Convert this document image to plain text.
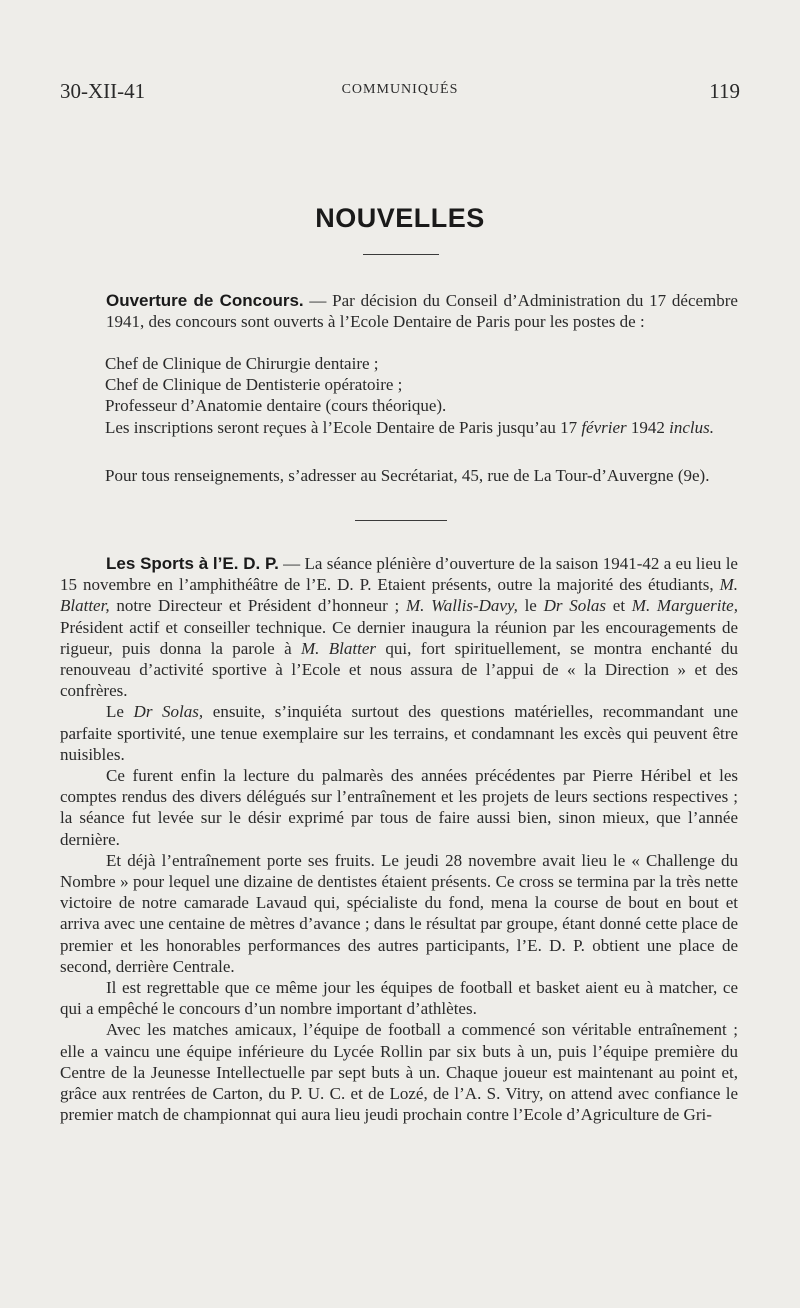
30-XII-41	COMMUNIQUÉS	119
NOUVELLES

Ouverture de Concours. — Par décision du Conseil d’Administration du 17 décembre 1941, des concours sont ouverts à l’Ecole Dentaire de Paris pour les postes de :

Chef de Clinique de Chirurgie dentaire ;

Chef de Clinique de Dentisterie opératoire ;

Professeur d’Anatomie dentaire (cours théorique).

Les inscriptions seront reçues à l’Ecole Dentaire de Paris jusqu’au 17 février 1942 inclus.

Pour tous renseignements, s’adresser au Secrétariat, 45, rue de La Tour-d’Auvergne (9e).

Les Sports à l’E. D. P. — La séance plénière d’ouverture de la saison 1941-42 a eu lieu le 15 novembre en l’amphithéâtre de l’E. D. P. Etaient présents, outre la majorité des étudiants, M. Blatter, notre Directeur et Président d’honneur ; M. Wallis-Davy, le Dr Solas et M. Marguerite, Président actif et conseiller technique. Ce dernier inaugura la réunion par les encouragements de rigueur, puis donna la parole à M. Blatter qui, fort spirituellement, se montra enchanté du renouveau d’activité sportive à l’Ecole et nous assura de l’appui de « la Direction » et des confrères.

Le Dr Solas, ensuite, s’inquiéta surtout des questions matérielles, recommandant une parfaite sportivité, une tenue exemplaire sur les terrains, et condamnant les excès qui peuvent être nuisibles.

Ce furent enfin la lecture du palmarès des années précédentes par Pierre Héribel et les comptes rendus des divers délégués sur l’entraînement et les projets de leurs sections respectives ; la séance fut levée sur le désir exprimé par tous de faire aussi bien, sinon mieux, que l’année dernière.

Et déjà l’entraînement porte ses fruits. Le jeudi 28 novembre avait lieu le « Challenge du Nombre » pour lequel une dizaine de dentistes étaient présents. Ce cross se termina par la très nette victoire de notre camarade Lavaud qui, spécialiste du fond, mena la course de bout en bout et arriva avec une centaine de mètres d’avance ; dans le résultat par groupe, étant donné cette place de premier et les honorables performances des autres participants, l’E. D. P. obtient une place de second, derrière Centrale.

Il est regrettable que ce même jour les équipes de football et basket aient eu à matcher, ce qui a empêché le concours d’un nombre important d’athlètes.

Avec les matches amicaux, l’équipe de football a commencé son véritable entraînement ; elle a vaincu une équipe inférieure du Lycée Rollin par six buts à un, puis l’équipe première du Centre de la Jeunesse Intellectuelle par sept buts à un. Chaque joueur est maintenant au point et, grâce aux rentrées de Carton, du P. U. C. et de Lozé, de l’A. S. Vitry, on attend avec confiance le premier match de championnat qui aura lieu jeudi prochain contre l’Ecole d’Agriculture de Gri-
